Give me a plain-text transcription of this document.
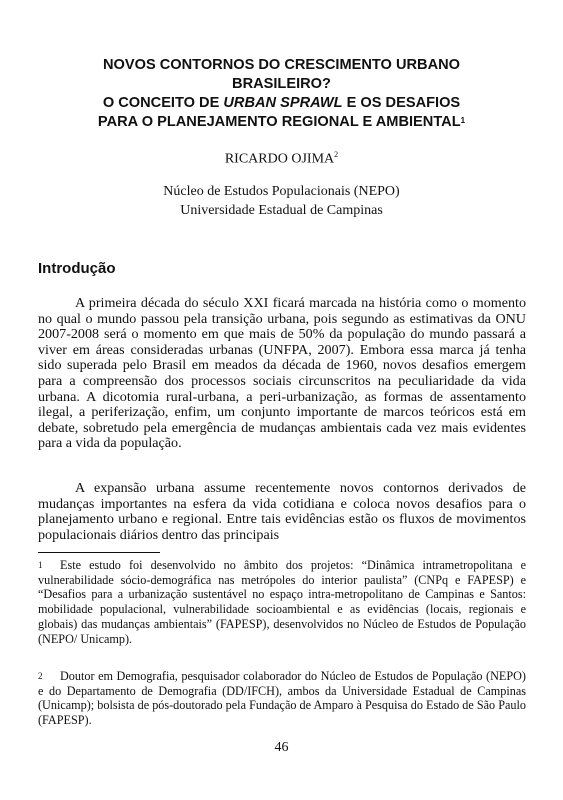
NOVOS CONTORNOS DO CRESCIMENTO URBANO
BRASILEIRO?
O CONCEITO DE URBAN SPRAWL E OS DESAFIOS
PARA O PLANEJAMENTO REGIONAL E AMBIENTAL$^1$
RICARDO OJIMA$^2$
Núcleo de Estudos Populacionais (NEPO)
Universidade Estadual de Campinas
Introdução

A primeira década do século XXI ficará marcada na história como o momento no qual o mundo passou pela transição urbana, pois segundo as estimativas da ONU 2007-2008 será o momento em que mais de 50% da população do mundo passará a viver em áreas consideradas urbanas (UNFPA, 2007). Embora essa marca já tenha sido superada pelo Brasil em meados da década de 1960, novos desafios emergem para a compreensão dos processos sociais circunscritos na peculiaridade da vida urbana. A dicotomia rural-urbana, a peri-urbanização, as formas de assentamento ilegal, a periferização, enfim, um conjunto importante de marcos teóricos está em debate, sobretudo pela emergência de mudanças ambientais cada vez mais evidentes para a vida da população.

A expansão urbana assume recentemente novos contornos derivados de mudanças importantes na esfera da vida cotidiana e coloca novos desafios para o planejamento urbano e regional. Entre tais evidências estão os fluxos de movimentos populacionais diários dentro das principais

1 Este estudo foi desenvolvido no âmbito dos projetos: “Dinâmica intrametropolitana e vulnerabilidade sócio-demográfica nas metrópoles do interior paulista” (CNPq e FAPESP) e “Desafios para a urbanização sustentável no espaço intra-metropolitano de Campinas e Santos: mobilidade populacional, vulnerabilidade socioambiental e as evidências (locais, regionais e globais) das mudanças ambientais” (FAPESP), desenvolvidos no Núcleo de Estudos de População (NEPO/ Unicamp).

2 Doutor em Demografia, pesquisador colaborador do Núcleo de Estudos de População (NEPO) e do Departamento de Demografia (DD/IFCH), ambos da Universidade Estadual de Campinas (Unicamp); bolsista de pós-doutorado pela Fundação de Amparo à Pesquisa do Estado de São Paulo (FAPESP).

46
